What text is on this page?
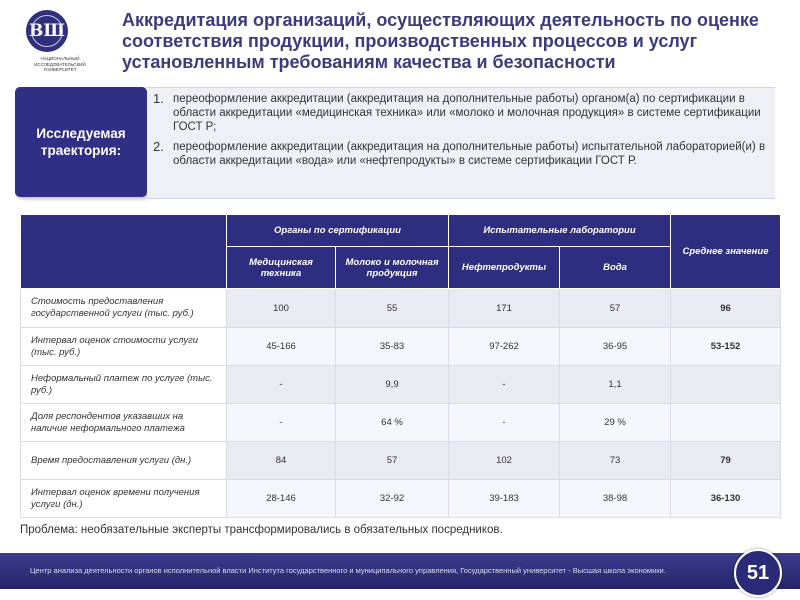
ВШ
НАЦИОНАЛЬНЫЙ ИССЛЕДОВАТЕЛЬСКИЙ УНИВЕРСИТЕТ
Аккредитация организаций, осуществляющих деятельность по оценке соответствия продукции, производственных процессов и услуг установленным требованиям качества и безопасности
Исследуемая траектория:
1. переоформление аккредитации (аккредитация на дополнительные работы) органом(а) по сертификации в области аккредитации «медицинская техника» или «молоко и молочная продукция» в системе сертификации ГОСТ Р;
2. переоформление аккредитации (аккредитация на дополнительные работы) испытательной лабораторией(и) в области аккредитации «вода» или «нефтепродукты» в системе сертификации ГОСТ Р.
	Органы по сертификации		Испытательные лаборатории		Среднее значение
	Медицинская техника	Молоко и молочная продукция	Нефтепродукты	Вода	
Стоимость предоставления государственной услуги (тыс. руб.)	100	55	171	57	96
Интервал оценок стоимости услуги (тыс. руб.)	45-166	35-83	97-262	36-95	53-152
Неформальный платеж по услуге (тыс. руб.)	-	9,9	-	1,1	
Доля респондентов указавших на наличие неформального платежа	-	64 %	-	29 %	
Время предоставления услуги (дн.)	84	57	102	73	79
Интервал оценок времени получения услуги (дн.)	28-146	32-92	39-183	38-98	36-130
Проблема: необязательные эксперты трансформировались в обязательных посредников.
Центр анализа деятельности органов исполнительной власти Института государственного и муниципального управления, Государственный университет - Высшая школа экономики.	51
